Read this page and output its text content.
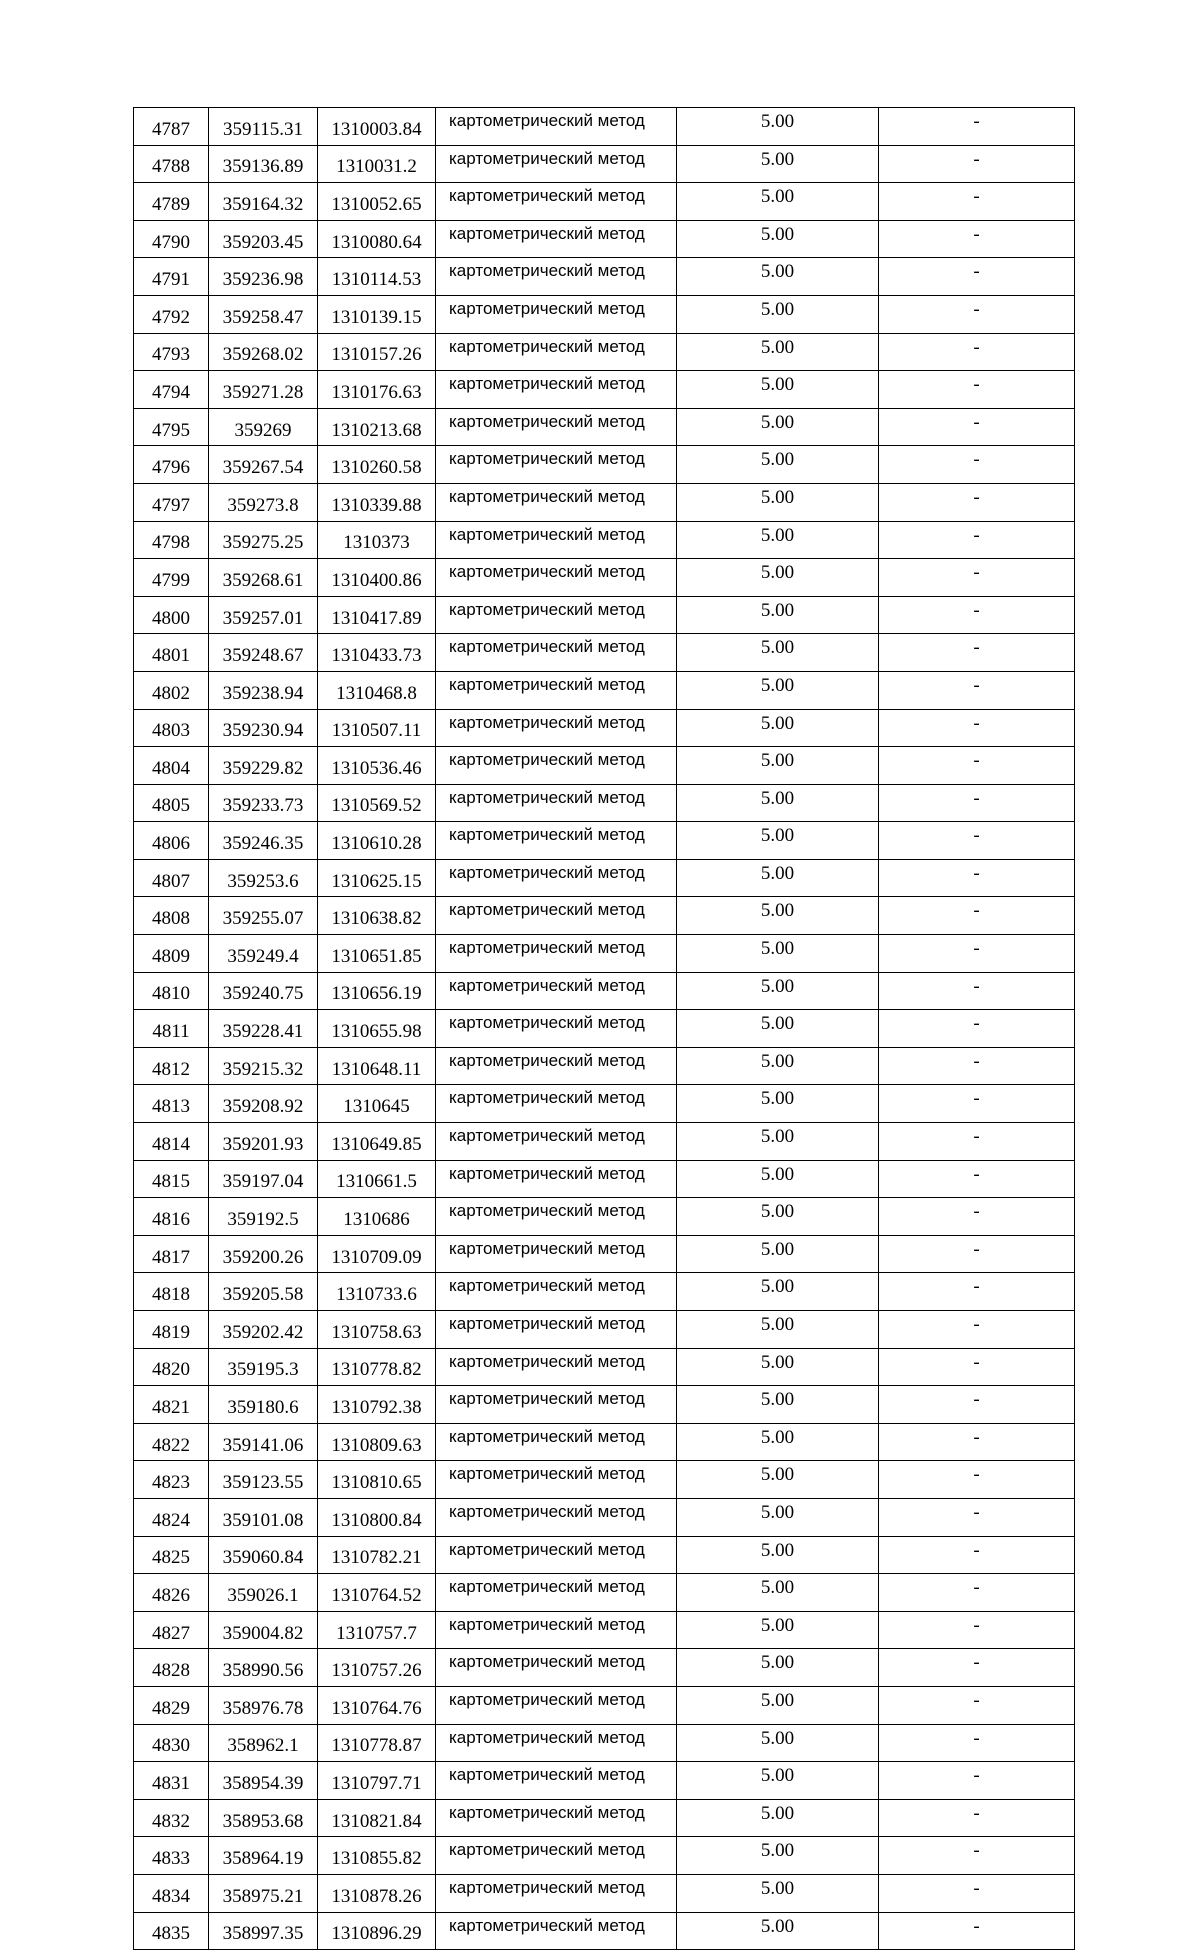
4787	359115.31	1310003.84	картометрический метод	5.00	-
4788	359136.89	1310031.2	картометрический метод	5.00	-
4789	359164.32	1310052.65	картометрический метод	5.00	-
4790	359203.45	1310080.64	картометрический метод	5.00	-
4791	359236.98	1310114.53	картометрический метод	5.00	-
4792	359258.47	1310139.15	картометрический метод	5.00	-
4793	359268.02	1310157.26	картометрический метод	5.00	-
4794	359271.28	1310176.63	картометрический метод	5.00	-
4795	359269	1310213.68	картометрический метод	5.00	-
4796	359267.54	1310260.58	картометрический метод	5.00	-
4797	359273.8	1310339.88	картометрический метод	5.00	-
4798	359275.25	1310373	картометрический метод	5.00	-
4799	359268.61	1310400.86	картометрический метод	5.00	-
4800	359257.01	1310417.89	картометрический метод	5.00	-
4801	359248.67	1310433.73	картометрический метод	5.00	-
4802	359238.94	1310468.8	картометрический метод	5.00	-
4803	359230.94	1310507.11	картометрический метод	5.00	-
4804	359229.82	1310536.46	картометрический метод	5.00	-
4805	359233.73	1310569.52	картометрический метод	5.00	-
4806	359246.35	1310610.28	картометрический метод	5.00	-
4807	359253.6	1310625.15	картометрический метод	5.00	-
4808	359255.07	1310638.82	картометрический метод	5.00	-
4809	359249.4	1310651.85	картометрический метод	5.00	-
4810	359240.75	1310656.19	картометрический метод	5.00	-
4811	359228.41	1310655.98	картометрический метод	5.00	-
4812	359215.32	1310648.11	картометрический метод	5.00	-
4813	359208.92	1310645	картометрический метод	5.00	-
4814	359201.93	1310649.85	картометрический метод	5.00	-
4815	359197.04	1310661.5	картометрический метод	5.00	-
4816	359192.5	1310686	картометрический метод	5.00	-
4817	359200.26	1310709.09	картометрический метод	5.00	-
4818	359205.58	1310733.6	картометрический метод	5.00	-
4819	359202.42	1310758.63	картометрический метод	5.00	-
4820	359195.3	1310778.82	картометрический метод	5.00	-
4821	359180.6	1310792.38	картометрический метод	5.00	-
4822	359141.06	1310809.63	картометрический метод	5.00	-
4823	359123.55	1310810.65	картометрический метод	5.00	-
4824	359101.08	1310800.84	картометрический метод	5.00	-
4825	359060.84	1310782.21	картометрический метод	5.00	-
4826	359026.1	1310764.52	картометрический метод	5.00	-
4827	359004.82	1310757.7	картометрический метод	5.00	-
4828	358990.56	1310757.26	картометрический метод	5.00	-
4829	358976.78	1310764.76	картометрический метод	5.00	-
4830	358962.1	1310778.87	картометрический метод	5.00	-
4831	358954.39	1310797.71	картометрический метод	5.00	-
4832	358953.68	1310821.84	картометрический метод	5.00	-
4833	358964.19	1310855.82	картометрический метод	5.00	-
4834	358975.21	1310878.26	картометрический метод	5.00	-
4835	358997.35	1310896.29	картометрический метод	5.00	-
